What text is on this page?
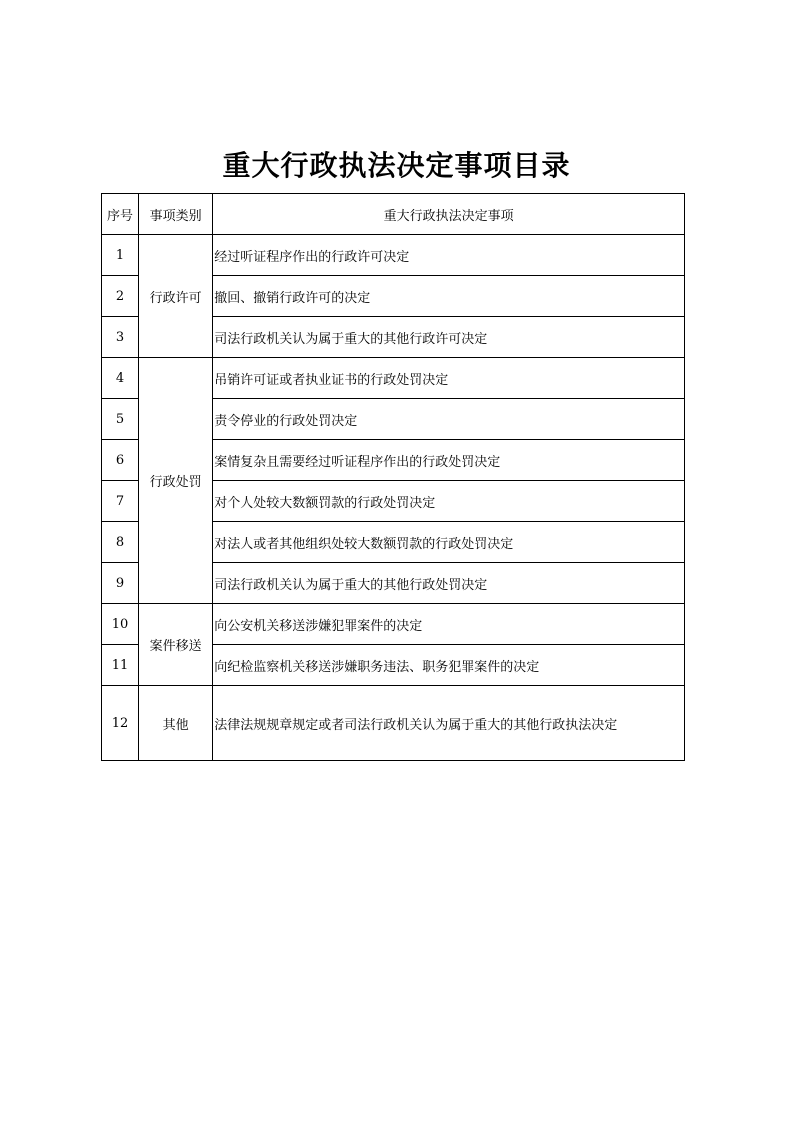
重大行政执法决定事项目录
序号	事项类别	重大行政执法决定事项
1	行政许可	经过听证程序作出的行政许可决定
2		撤回、撤销行政许可的决定
3		司法行政机关认为属于重大的其他行政许可决定
4	行政处罚	吊销许可证或者执业证书的行政处罚决定
5		责令停业的行政处罚决定
6		案情复杂且需要经过听证程序作出的行政处罚决定
7		对个人处较大数额罚款的行政处罚决定
8		对法人或者其他组织处较大数额罚款的行政处罚决定
9		司法行政机关认为属于重大的其他行政处罚决定
10	案件移送	向公安机关移送涉嫌犯罪案件的决定
11		向纪检监察机关移送涉嫌职务违法、职务犯罪案件的决定
12	其他	法律法规规章规定或者司法行政机关认为属于重大的其他行政执法决定
